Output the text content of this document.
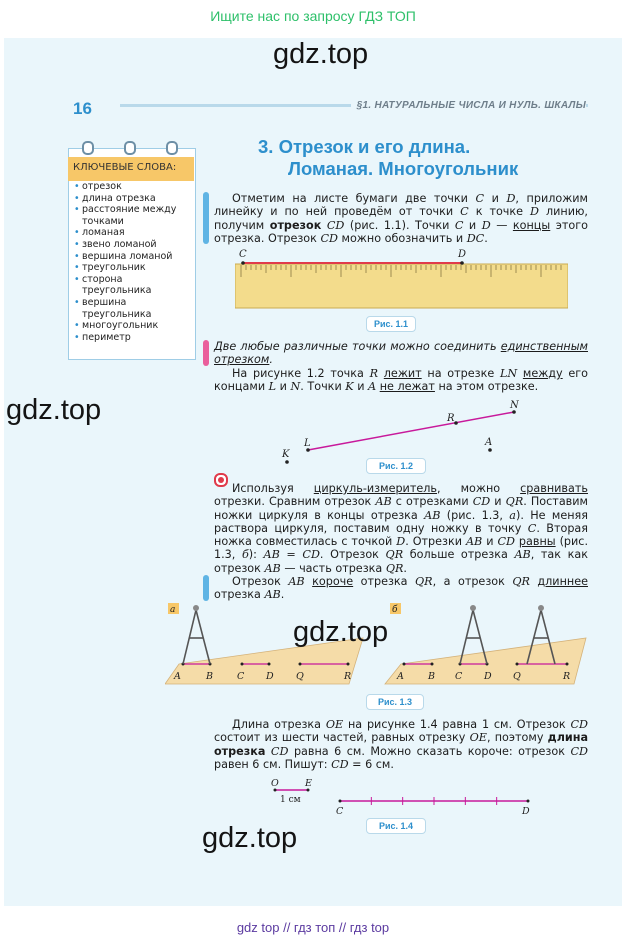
Ищите нас по запросу ГДЗ ТОП
gdz.top
gdz.top
16	§1. НАТУРАЛЬНЫЕ ЧИСЛА И НУЛЬ. ШКАЛЫ
КЛЮЧЕВЫЕ СЛОВА:
• отрезок
• длина отрезка
• расстояние между точками
• ломаная
• звено ломаной
• вершина ломаной
• треугольник
• сторона треугольника
• вершина треугольника
• многоугольник
• периметр
3. Отрезок и его длина.
Ломаная. Многоугольник
Отметим на листе бумаги две точки C и D, приложим линейку и по ней проведём от точки C к точке D линию, получим отрезок CD (рис. 1.1). Точки C и D — концы этого отрезка. Отрезок CD можно обозначить и DC.
C	D
Рис. 1.1
Две любые различные точки можно соединить единственным отрезком.
На рисунке 1.2 точка R лежит на отрезке LN между его концами L и N. Точки K и A не лежат на этом отрезке.
K
L
R
N
A
Рис. 1.2
Используя циркуль-измеритель, можно сравнивать отрезки. Сравним отрезок AB с отрезками CD и QR. Поставим ножки циркуля в концы отрезка AB (рис. 1.3, а). Не меняя раствора циркуля, поставим одну ножку в точку C. Вторая ножка совместилась с точкой D. Отрезки AB и CD равны (рис. 1.3, б): AB = CD. Отрезок QR больше отрезка AB, так как отрезок AB — часть отрезка QR.
Отрезок AB короче отрезка QR, а отрезок QR длиннее отрезка AB.
а
A	B	C D Q	R
б
A	B C D Q	R
gdz.top
Рис. 1.3
Длина отрезка OE на рисунке 1.4 равна 1 см. Отрезок CD состоит из шести частей, равных отрезку OE, поэтому длина отрезка CD равна 6 см. Можно сказать короче: отрезок CD равен 6 см. Пишут: CD = 6 см.
O	E
1 см
C	D
Рис. 1.4
gdz.top
gdz top // гдз топ // гдз top
